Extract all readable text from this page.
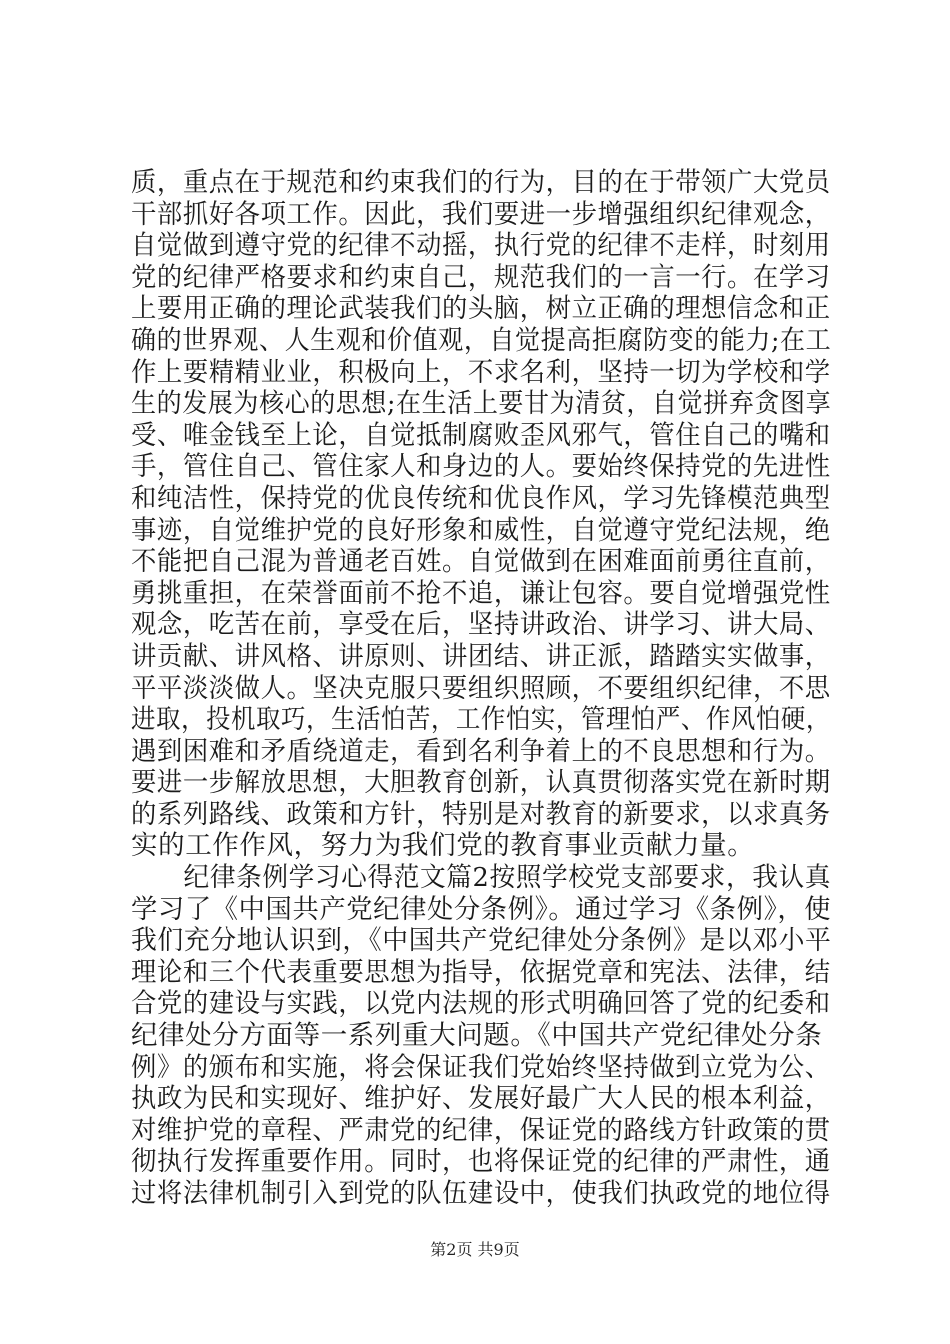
质，重点在于规范和约束我们的行为，目的在于带领广大党员
干部抓好各项工作。因此，我们要进一步增强组织纪律观念，
自觉做到遵守党的纪律不动摇，执行党的纪律不走样，时刻用
党的纪律严格要求和约束自己，规范我们的一言一行。在学习
上要用正确的理论武装我们的头脑，树立正确的理想信念和正
确的世界观、人生观和价值观，自觉提高拒腐防变的能力;在工
作上要精精业业，积极向上，不求名利，坚持一切为学校和学
生的发展为核心的思想;在生活上要甘为清贫，自觉拼弃贪图享
受、唯金钱至上论，自觉抵制腐败歪风邪气，管住自己的嘴和
手，管住自己、管住家人和身边的人。要始终保持党的先进性
和纯洁性，保持党的优良传统和优良作风，学习先锋模范典型
事迹，自觉维护党的良好形象和威性，自觉遵守党纪法规，绝
不能把自己混为普通老百姓。自觉做到在困难面前勇往直前，
勇挑重担，在荣誉面前不抢不追，谦让包容。要自觉增强党性
观念，吃苦在前，享受在后，坚持讲政治、讲学习、讲大局、
讲贡献、讲风格、讲原则、讲团结、讲正派，踏踏实实做事，
平平淡淡做人。坚决克服只要组织照顾，不要组织纪律，不思
进取，投机取巧，生活怕苦，工作怕实，管理怕严、作风怕硬，
遇到困难和矛盾绕道走，看到名利争着上的不良思想和行为。
要进一步解放思想，大胆教育创新，认真贯彻落实党在新时期
的系列路线、政策和方针，特别是对教育的新要求，以求真务
实的工作作风，努力为我们党的教育事业贡献力量。
　　纪律条例学习心得范文篇2按照学校党支部要求，我认真
学习了《中国共产党纪律处分条例》。通过学习《条例》，使
我们充分地认识到，《中国共产党纪律处分条例》是以邓小平
理论和三个代表重要思想为指导，依据党章和宪法、法律，结
合党的建设与实践，以党内法规的形式明确回答了党的纪委和
纪律处分方面等一系列重大问题。《中国共产党纪律处分条
例》的颁布和实施，将会保证我们党始终坚持做到立党为公、
执政为民和实现好、维护好、发展好最广大人民的根本利益，
对维护党的章程、严肃党的纪律，保证党的路线方针政策的贯
彻执行发挥重要作用。同时，也将保证党的纪律的严肃性，通
过将法律机制引入到党的队伍建设中，使我们执政党的地位得
第2页 共9页
